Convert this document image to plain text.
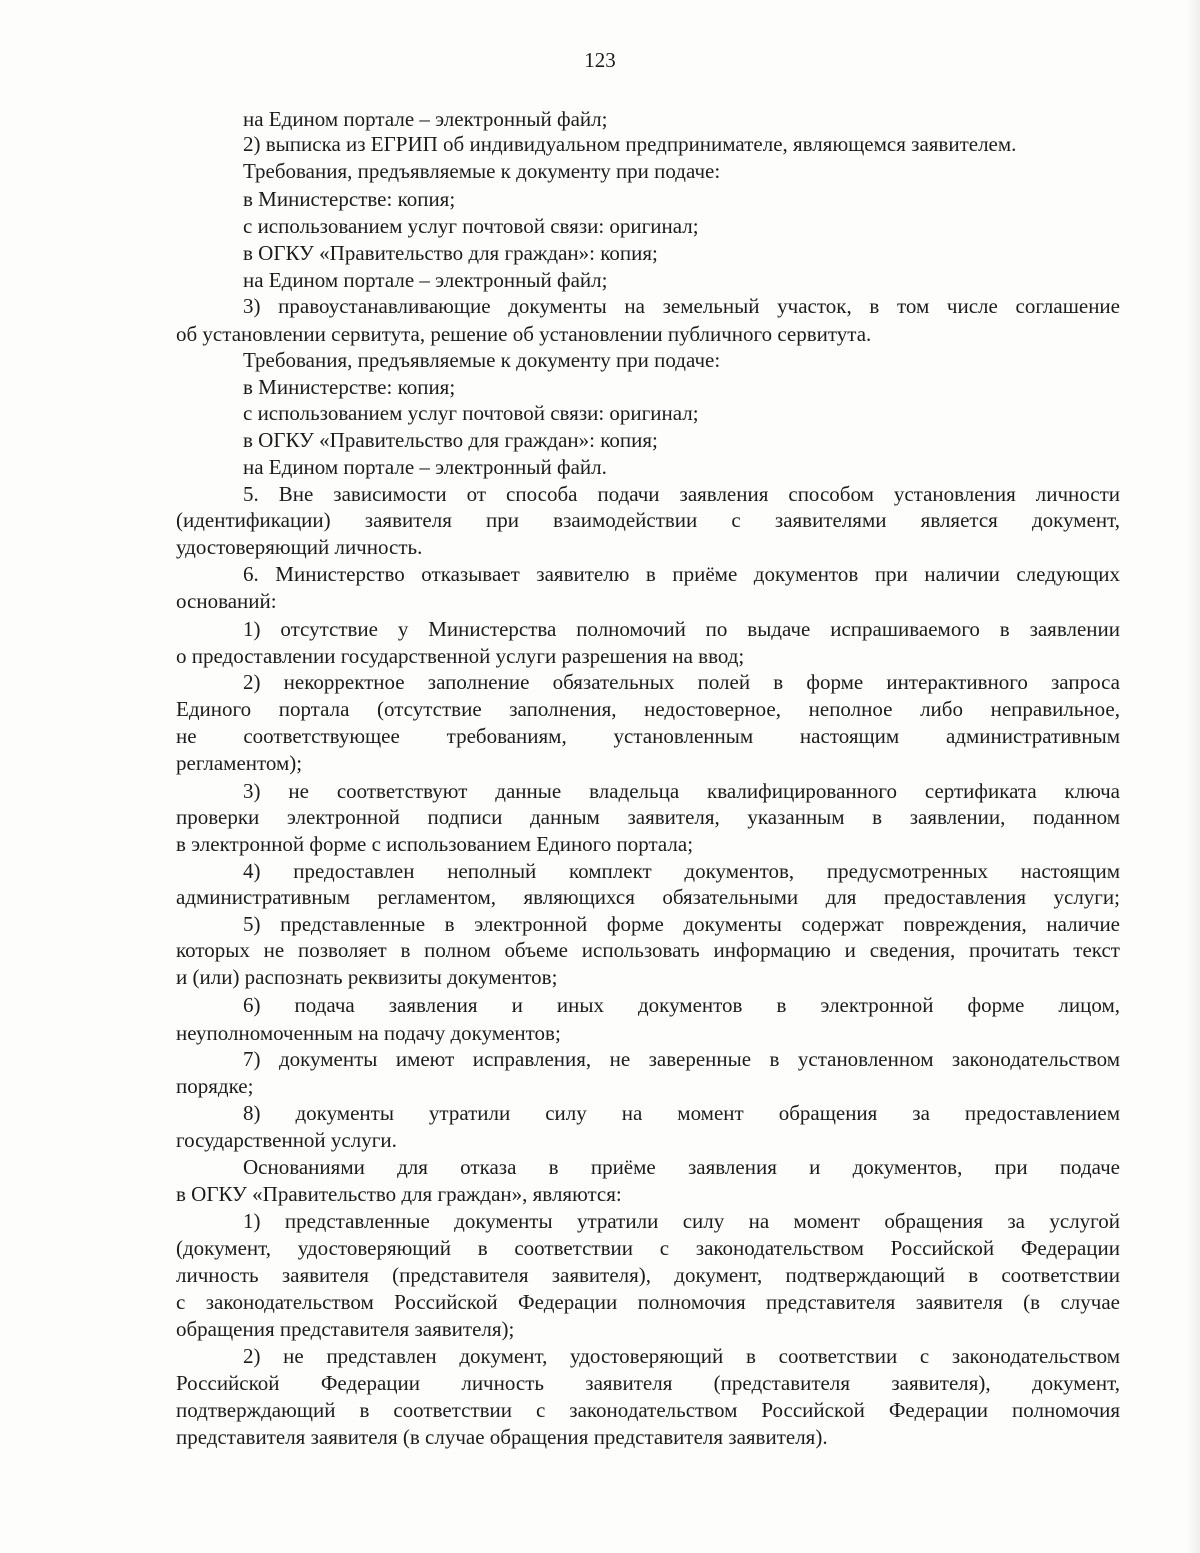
123
на Едином портале – электронный файл;
2) выписка из ЕГРИП об индивидуальном предпринимателе, являющемся заявителем.
Требования, предъявляемые к документу при подаче:
в Министерстве: копия;
с использованием услуг почтовой связи: оригинал;
в ОГКУ «Правительство для граждан»: копия;
на Едином портале – электронный файл;
3) правоустанавливающие документы на земельный участок, в том числе соглашение
об установлении сервитута, решение об установлении публичного сервитута.
Требования, предъявляемые к документу при подаче:
в Министерстве: копия;
с использованием услуг почтовой связи: оригинал;
в ОГКУ «Правительство для граждан»: копия;
на Едином портале – электронный файл.
5. Вне зависимости от способа подачи заявления способом установления личности
(идентификации) заявителя при взаимодействии с заявителями является документ,
удостоверяющий личность.
6. Министерство отказывает заявителю в приёме документов при наличии следующих
оснований:
1) отсутствие у Министерства полномочий по выдаче испрашиваемого в заявлении
о предоставлении государственной услуги разрешения на ввод;
2) некорректное заполнение обязательных полей в форме интерактивного запроса
Единого портала (отсутствие заполнения, недостоверное, неполное либо неправильное,
не соответствующее требованиям, установленным настоящим административным
регламентом);
3) не соответствуют данные владельца квалифицированного сертификата ключа
проверки электронной подписи данным заявителя, указанным в заявлении, поданном
в электронной форме с использованием Единого портала;
4) предоставлен неполный комплект документов, предусмотренных настоящим
административным регламентом, являющихся обязательными для предоставления услуги;
5) представленные в электронной форме документы содержат повреждения, наличие
которых не позволяет в полном объеме использовать информацию и сведения, прочитать текст
и (или) распознать реквизиты документов;
6) подача заявления и иных документов в электронной форме лицом,
неуполномоченным на подачу документов;
7) документы имеют исправления, не заверенные в установленном законодательством
порядке;
8) документы утратили силу на момент обращения за предоставлением
государственной услуги.
Основаниями для отказа в приёме заявления и документов, при подаче
в ОГКУ «Правительство для граждан», являются:
1) представленные документы утратили силу на момент обращения за услугой
(документ, удостоверяющий в соответствии с законодательством Российской Федерации
личность заявителя (представителя заявителя), документ, подтверждающий в соответствии
с законодательством Российской Федерации полномочия представителя заявителя (в случае
обращения представителя заявителя);
2) не представлен документ, удостоверяющий в соответствии с законодательством
Российской Федерации личность заявителя (представителя заявителя), документ,
подтверждающий в соответствии с законодательством Российской Федерации полномочия
представителя заявителя (в случае обращения представителя заявителя).
